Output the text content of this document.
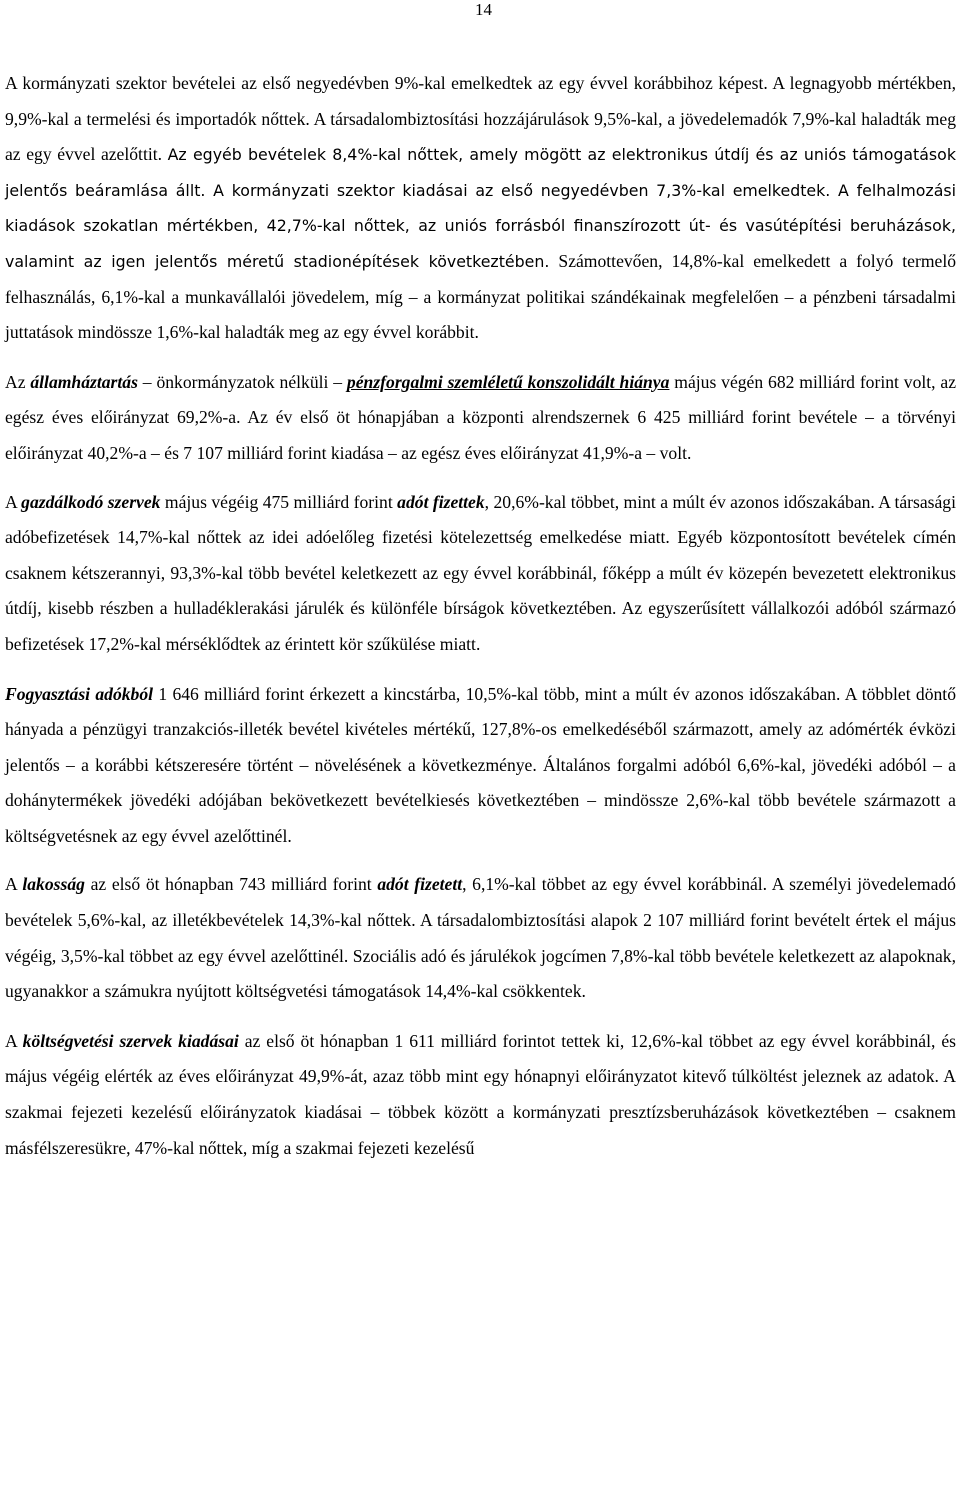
14

A kormányzati szektor bevételei az első negyedévben 9%-kal emelkedtek az egy évvel korábbihoz képest. A legnagyobb mértékben, 9,9%-kal a termelési és importadók nőttek. A társadalombiztosítási hozzájárulások 9,5%-kal, a jövedelemadók 7,9%-kal haladták meg az egy évvel azelőttit. Az egyéb bevételek 8,4%-kal nőttek, amely mögött az elektronikus útdíj és az uniós támogatások jelentős beáramlása állt. A kormányzati szektor kiadásai az első negyedévben 7,3%-kal emelkedtek. A felhalmozási kiadások szokatlan mértékben, 42,7%-kal nőttek, az uniós forrásból finanszírozott út- és vasútépítési beruházások, valamint az igen jelentős méretű stadionépítések következtében. Számottevően, 14,8%-kal emelkedett a folyó termelő felhasználás, 6,1%-kal a munkavállalói jövedelem, míg – a kormányzat politikai szándékainak megfelelően – a pénzbeni társadalmi juttatások mindössze 1,6%-kal haladták meg az egy évvel korábbit.

Az államháztartás – önkormányzatok nélküli – pénzforgalmi szemléletű konszolidált hiánya május végén 682 milliárd forint volt, az egész éves előirányzat 69,2%-a. Az év első öt hónapjában a központi alrendszernek 6 425 milliárd forint bevétele – a törvényi előirányzat 40,2%-a – és 7 107 milliárd forint kiadása – az egész éves előirányzat 41,9%-a – volt.

A gazdálkodó szervek május végéig 475 milliárd forint adót fizettek, 20,6%-kal többet, mint a múlt év azonos időszakában. A társasági adóbefizetések 14,7%-kal nőttek az idei adóelőleg fizetési kötelezettség emelkedése miatt. Egyéb központosított bevételek címén csaknem kétszerannyi, 93,3%-kal több bevétel keletkezett az egy évvel korábbinál, főképp a múlt év közepén bevezetett elektronikus útdíj, kisebb részben a hulladéklerakási járulék és különféle bírságok következtében. Az egyszerűsített vállalkozói adóból származó befizetések 17,2%-kal mérséklődtek az érintett kör szűkülése miatt.

Fogyasztási adókból 1 646 milliárd forint érkezett a kincstárba, 10,5%-kal több, mint a múlt év azonos időszakában. A többlet döntő hányada a pénzügyi tranzakciós-illeték bevétel kivételes mértékű, 127,8%-os emelkedéséből származott, amely az adómérték évközi jelentős – a korábbi kétszeresére történt – növelésének a következménye. Általános forgalmi adóból 6,6%-kal, jövedéki adóból – a dohánytermékek jövedéki adójában bekövetkezett bevételkiesés következtében – mindössze 2,6%-kal több bevétele származott a költségvetésnek az egy évvel azelőttinél.

A lakosság az első öt hónapban 743 milliárd forint adót fizetett, 6,1%-kal többet az egy évvel korábbinál. A személyi jövedelemadó bevételek 5,6%-kal, az illetékbevételek 14,3%-kal nőttek. A társadalombiztosítási alapok 2 107 milliárd forint bevételt értek el május végéig, 3,5%-kal többet az egy évvel azelőttinél. Szociális adó és járulékok jogcímen 7,8%-kal több bevétele keletkezett az alapoknak, ugyanakkor a számukra nyújtott költségvetési támogatások 14,4%-kal csökkentek.

A költségvetési szervek kiadásai az első öt hónapban 1 611 milliárd forintot tettek ki, 12,6%-kal többet az egy évvel korábbinál, és május végéig elérték az éves előirányzat 49,9%-át, azaz több mint egy hónapnyi előirányzatot kitevő túlköltést jeleznek az adatok. A szakmai fejezeti kezelésű előirányzatok kiadásai – többek között a kormányzati presztízsberuházások következtében – csaknem másfélszeresükre, 47%-kal nőttek, míg a szakmai fejezeti kezelésű
